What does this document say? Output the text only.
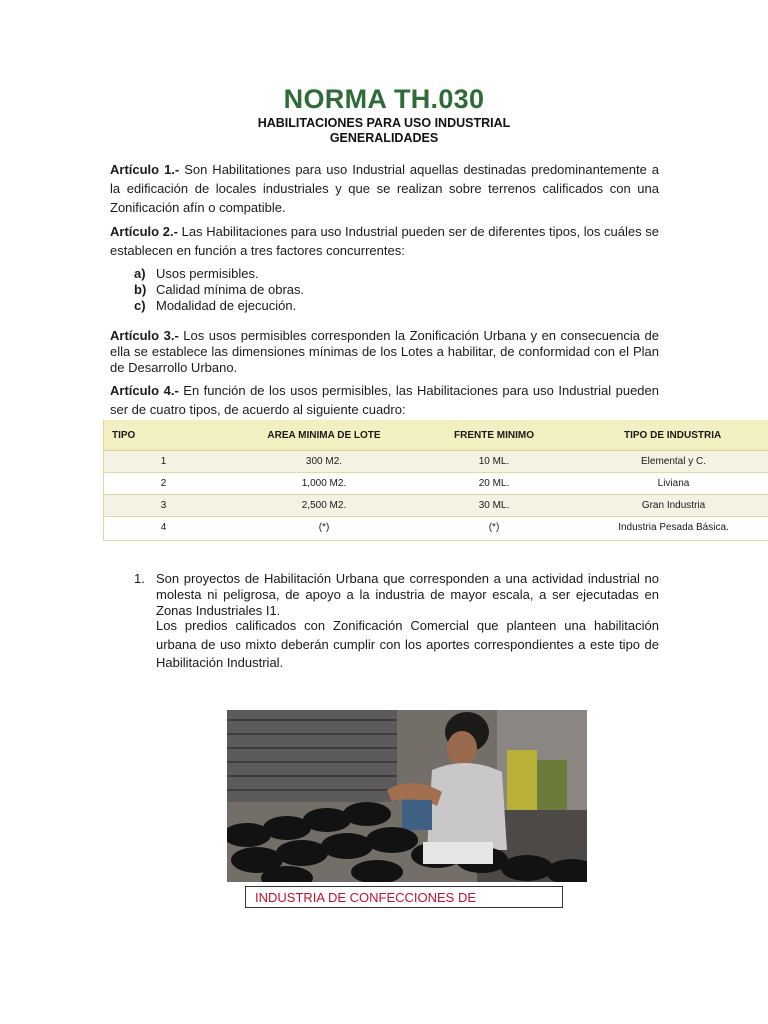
NORMA TH.030
HABILITACIONES PARA USO INDUSTRIAL
GENERALIDADES
Artículo 1.- Son Habilitationes para uso Industrial aquellas destinadas predominantemente a la edificación de locales industriales y que se realizan sobre terrenos calificados con una Zonificación afín o compatible.
Artículo 2.- Las Habilitaciones para uso Industrial pueden ser de diferentes tipos, los cuáles se establecen en función a tres factores concurrentes:
a) Usos permisibles.
b) Calidad mínima de obras.
c) Modalidad de ejecución.
Artículo 3.- Los usos permisibles corresponden la Zonificación Urbana y en consecuencia de ella se establece las dimensiones mínimas de los Lotes a habilitar, de conformidad con el Plan de Desarrollo Urbano.
Artículo 4.- En función de los usos permisibles, las Habilitaciones para uso Industrial pueden ser de cuatro tipos, de acuerdo al siguiente cuadro:
TIPO	AREA MINIMA DE LOTE	FRENTE MINIMO	TIPO DE INDUSTRIA
1	300 M2.	10 ML.	Elemental y C.
2	1,000 M2.	20 ML.	Liviana
3	2,500 M2.	30 ML.	Gran Industria
4	(*)	(*)	Industria Pesada Básica.
1. Son proyectos de Habilitación Urbana que corresponden a una actividad industrial no molesta ni peligrosa, de apoyo a la industria de mayor escala, a ser ejecutadas en Zonas Industriales I1.
Los predios calificados con Zonificación Comercial que planteen una habilitación urbana de uso mixto deberán cumplir con los aportes correspondientes a este tipo de Habilitación Industrial.
INDUSTRIA DE CONFECCIONES DE
